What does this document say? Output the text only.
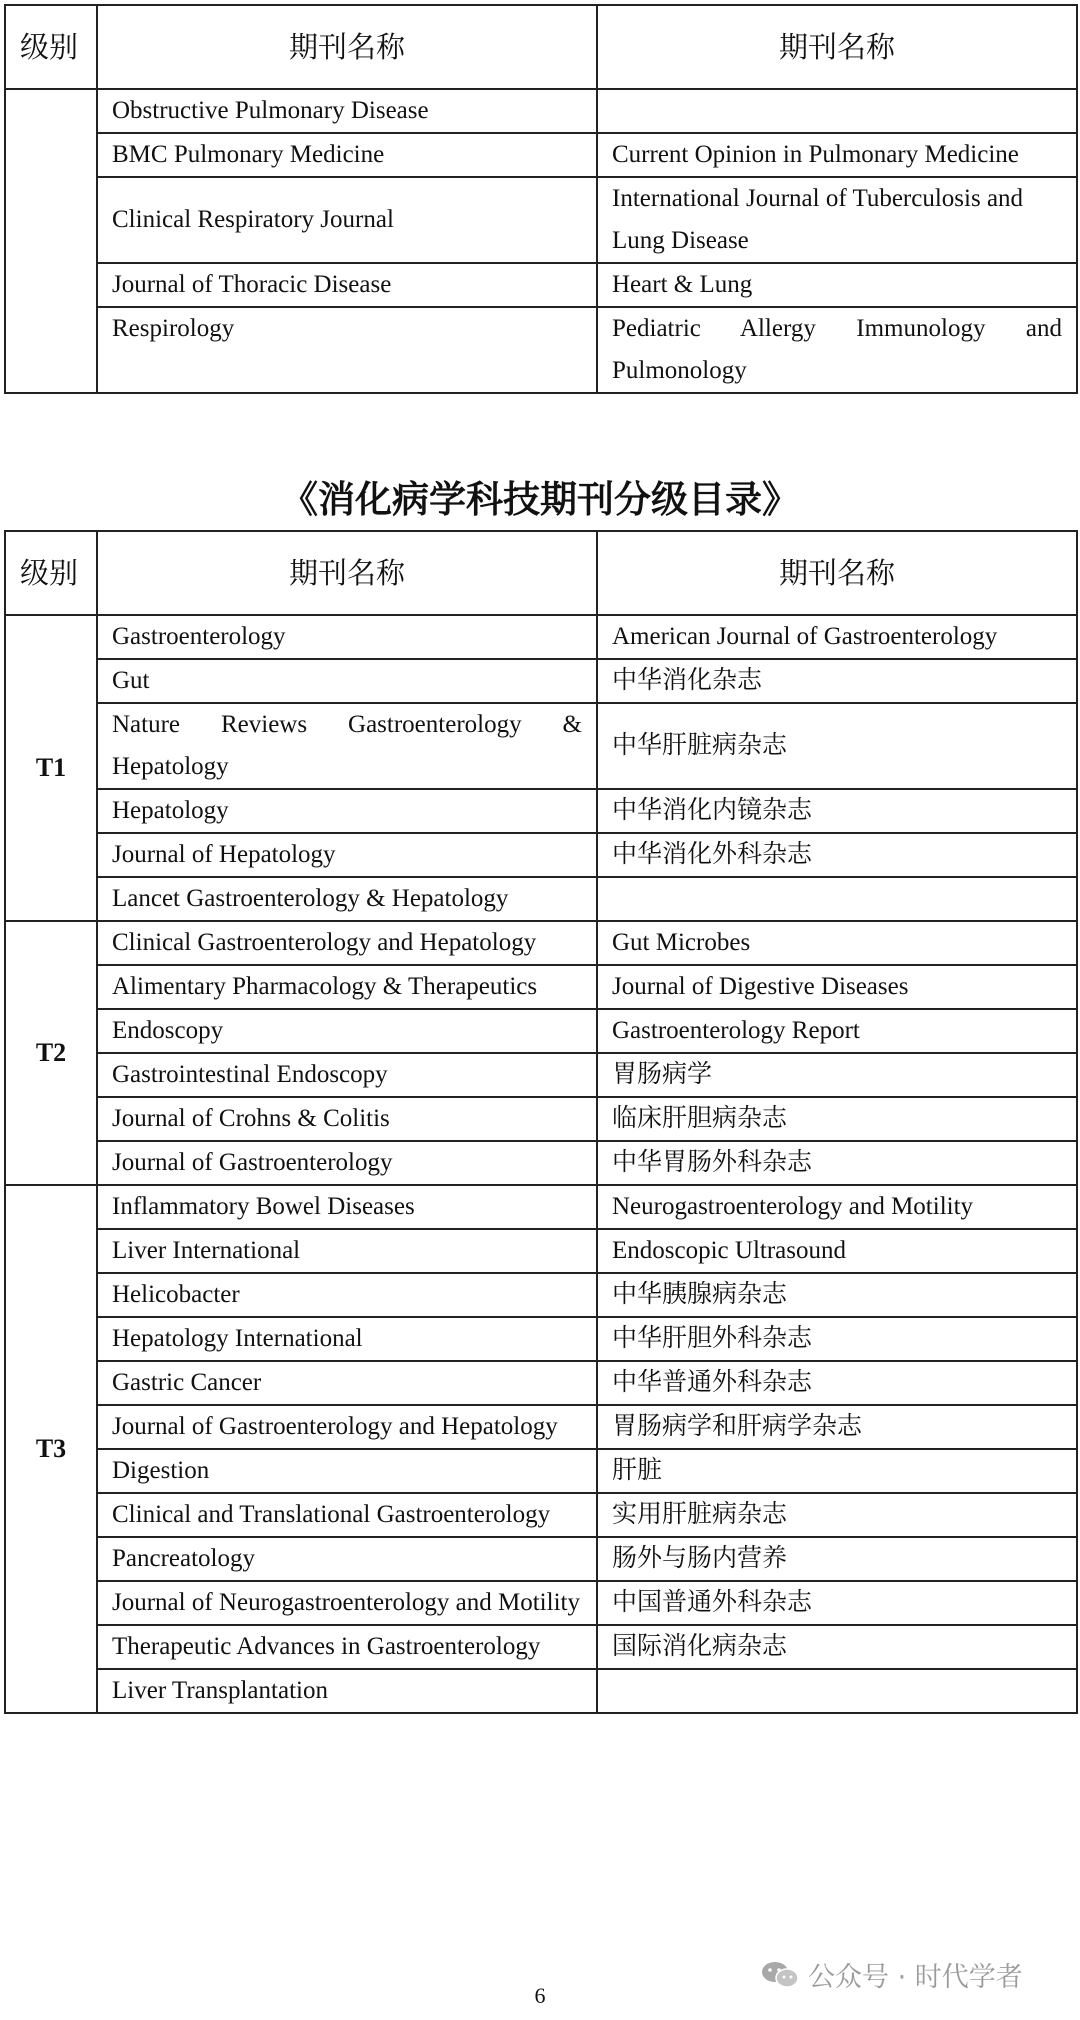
级别	期刊名称	期刊名称
	Obstructive Pulmonary Disease	
	BMC Pulmonary Medicine	Current Opinion in Pulmonary Medicine
	Clinical Respiratory Journal	International Journal of Tuberculosis and Lung Disease
	Journal of Thoracic Disease	Heart & Lung
	Respirology	Pediatric Allergy Immunology and Pulmonology
《消化病学科技期刊分级目录》
级别	期刊名称	期刊名称
T1	Gastroenterology	American Journal of Gastroenterology
	Gut	中华消化杂志
	Nature Reviews Gastroenterology & Hepatology	中华肝脏病杂志
	Hepatology	中华消化内镜杂志
	Journal of Hepatology	中华消化外科杂志
	Lancet Gastroenterology & Hepatology	
T2	Clinical Gastroenterology and Hepatology	Gut Microbes
	Alimentary Pharmacology & Therapeutics	Journal of Digestive Diseases
	Endoscopy	Gastroenterology Report
	Gastrointestinal Endoscopy	胃肠病学
	Journal of Crohns & Colitis	临床肝胆病杂志
	Journal of Gastroenterology	中华胃肠外科杂志
T3	Inflammatory Bowel Diseases	Neurogastroenterology and Motility
	Liver International	Endoscopic Ultrasound
	Helicobacter	中华胰腺病杂志
	Hepatology International	中华肝胆外科杂志
	Gastric Cancer	中华普通外科杂志
	Journal of Gastroenterology and Hepatology	胃肠病学和肝病学杂志
	Digestion	肝脏
	Clinical and Translational Gastroenterology	实用肝脏病杂志
	Pancreatology	肠外与肠内营养
	Journal of Neurogastroenterology and Motility	中国普通外科杂志
	Therapeutic Advances in Gastroenterology	国际消化病杂志
	Liver Transplantation	
公众号 · 时代学者
6
